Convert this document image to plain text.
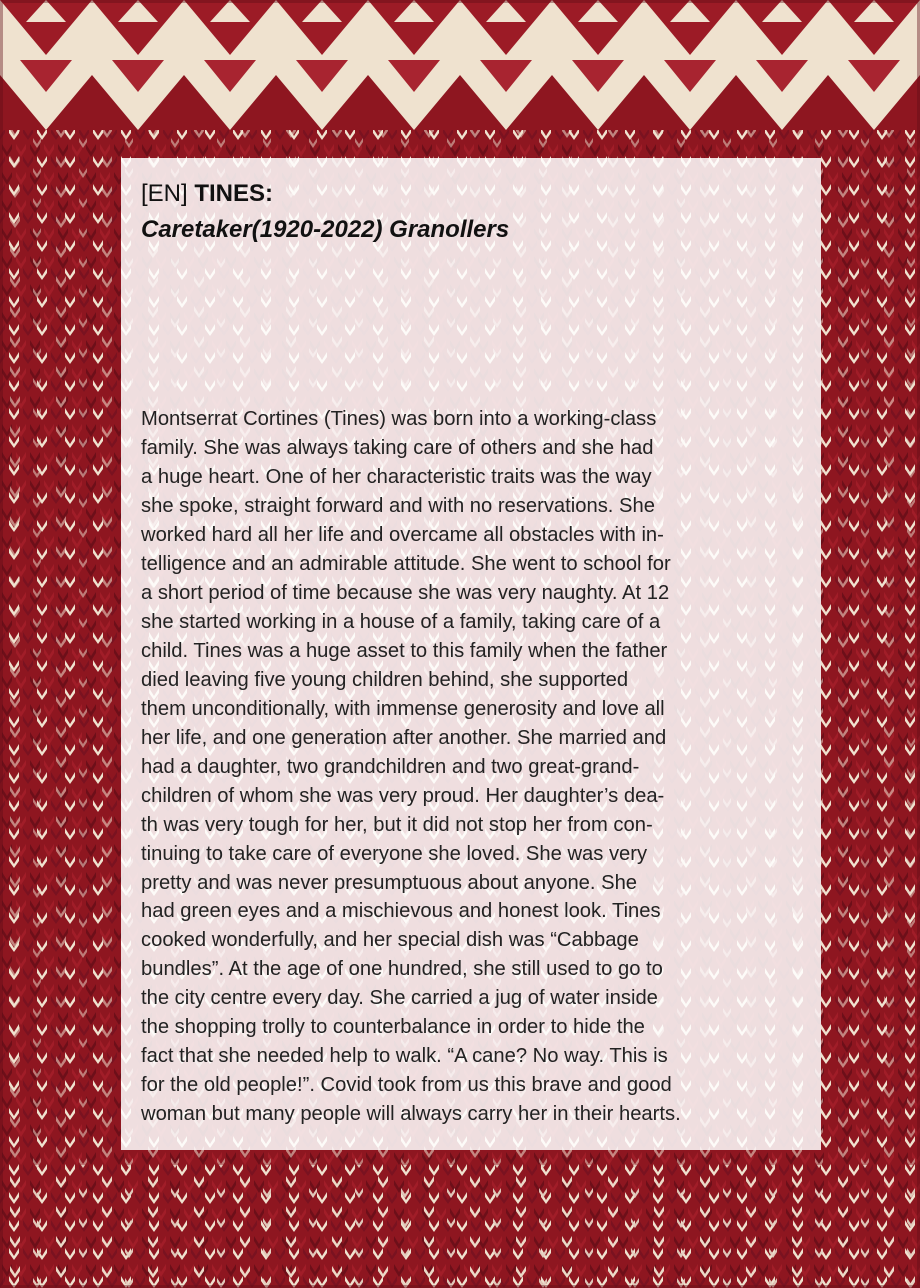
[EN] TINES:
Caretaker(1920-2022) Granollers

Montserrat Cortines (Tines) was born into a working-class
family. She was always taking care of others and she had
a huge heart. One of her characteristic traits was the way
she spoke, straight forward and with no reservations. She
worked hard all her life and overcame all obstacles with in-
telligence and an admirable attitude. She went to school for
a short period of time because she was very naughty. At 12
she started working in a house of a family, taking care of a
child. Tines was a huge asset to this family when the father
died leaving five young children behind, she supported
them unconditionally, with immense generosity and love all
her life, and one generation after another. She married and
had a daughter, two grandchildren and two great-grand-
children of whom she was very proud. Her daughter’s dea-
th was very tough for her, but it did not stop her from con-
tinuing to take care of everyone she loved. She was very
pretty and was never presumptuous about anyone. She
had green eyes and a mischievous and honest look. Tines
cooked wonderfully, and her special dish was “Cabbage
bundles”. At the age of one hundred, she still used to go to
the city centre every day. She carried a jug of water inside
the shopping trolly to counterbalance in order to hide the
fact that she needed help to walk. “A cane? No way. This is
for the old people!”. Covid took from us this brave and good
woman but many people will always carry her in their hearts.
